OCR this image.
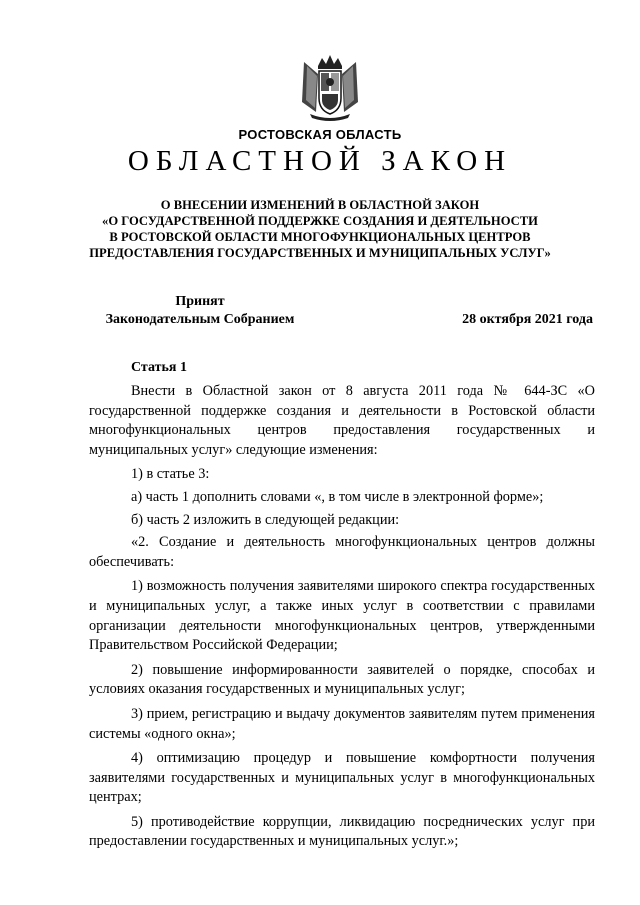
РОСТОВСКАЯ ОБЛАСТЬ
ОБЛАСТНОЙ ЗАКОН
О ВНЕСЕНИИ ИЗМЕНЕНИЙ В ОБЛАСТНОЙ ЗАКОН
«О ГОСУДАРСТВЕННОЙ ПОДДЕРЖКЕ СОЗДАНИЯ И ДЕЯТЕЛЬНОСТИ
В РОСТОВСКОЙ ОБЛАСТИ МНОГОФУНКЦИОНАЛЬНЫХ ЦЕНТРОВ
ПРЕДОСТАВЛЕНИЯ ГОСУДАРСТВЕННЫХ И МУНИЦИПАЛЬНЫХ УСЛУГ»
Принят
Законодательным Собранием	28 октября 2021 года
Статья 1

Внести в Областной закон от 8 августа 2011 года № 644-ЗС «О государственной поддержке создания и деятельности в Ростовской области многофункциональных центров предоставления государственных и муниципальных услуг» следующие изменения:

1) в статье 3:

а) часть 1 дополнить словами «, в том числе в электронной форме»;

б) часть 2 изложить в следующей редакции:

«2. Создание и деятельность многофункциональных центров должны обеспечивать:

1) возможность получения заявителями широкого спектра государственных и муниципальных услуг, а также иных услуг в соответствии с правилами организации деятельности многофункциональных центров, утвержденными Правительством Российской Федерации;

2) повышение информированности заявителей о порядке, способах и условиях оказания государственных и муниципальных услуг;

3) прием, регистрацию и выдачу документов заявителям путем применения системы «одного окна»;

4) оптимизацию процедур и повышение комфортности получения заявителями государственных и муниципальных услуг в многофункциональных центрах;

5) противодействие коррупции, ликвидацию посреднических услуг при предоставлении государственных и муниципальных услуг.»;
